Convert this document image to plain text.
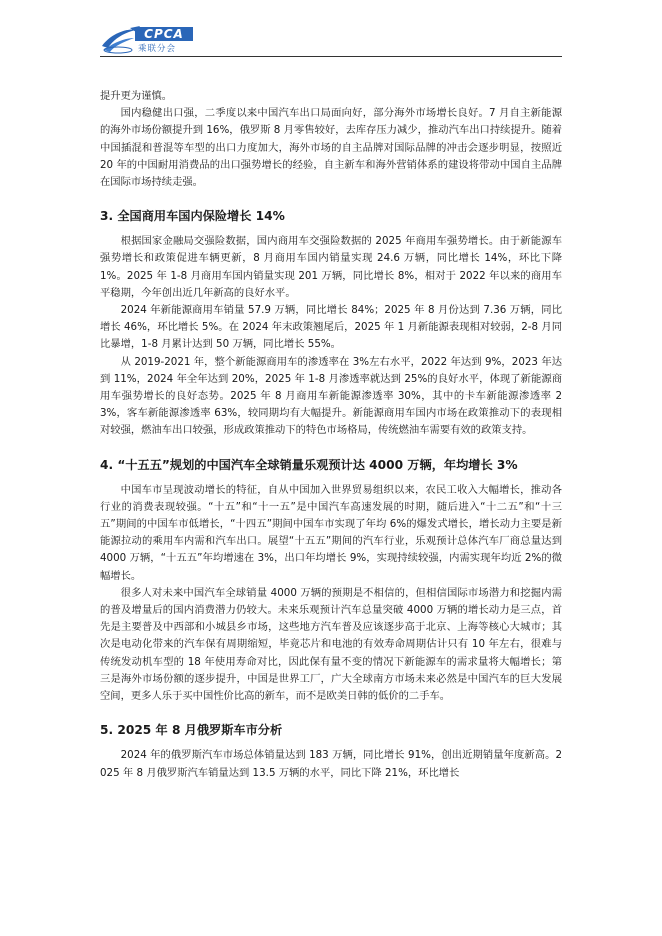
CPCA
乘联分会

提升更为谨慎。

国内稳健出口强，二季度以来中国汽车出口局面向好，部分海外市场增长良好。7 月自主新能源的海外市场份额提升到 16%，俄罗斯 8 月零售较好，去库存压力减少，推动汽车出口持续提升。随着中国插混和普混等车型的出口力度加大，海外市场的自主品牌对国际品牌的冲击会逐步明显，按照近 20 年的中国耐用消费品的出口强势增长的经验，自主新车和海外营销体系的建设将带动中国自主品牌在国际市场持续走强。

3. 全国商用车国内保险增长 14%

根据国家金融局交强险数据，国内商用车交强险数据的 2025 年商用车强势增长。由于新能源车强势增长和政策促进车辆更新，8 月商用车国内销量实现 24.6 万辆，同比增长 14%，环比下降 1%。2025 年 1-8 月商用车国内销量实现 201 万辆，同比增长 8%，相对于 2022 年以来的商用车平稳期，今年创出近几年新高的良好水平。

2024 年新能源商用车销量 57.9 万辆，同比增长 84%；2025 年 8 月份达到 7.36 万辆，同比增长 46%，环比增长 5%。在 2024 年末政策翘尾后，2025 年 1 月新能源表现相对较弱，2-8 月同比暴增，1-8 月累计达到 50 万辆，同比增长 55%。

从 2019-2021 年，整个新能源商用车的渗透率在 3%左右水平，2022 年达到 9%，2023 年达到 11%，2024 年全年达到 20%，2025 年 1-8 月渗透率就达到 25%的良好水平，体现了新能源商用车强势增长的良好态势。2025 年 8 月商用车新能源渗透率 30%，其中的卡车新能源渗透率 23%，客车新能源渗透率 63%，较同期均有大幅提升。新能源商用车国内市场在政策推动下的表现相对较强，燃油车出口较强，形成政策推动下的特色市场格局，传统燃油车需要有效的政策支持。

4. “十五五”规划的中国汽车全球销量乐观预计达 4000 万辆，年均增长 3%

中国车市呈现波动增长的特征，自从中国加入世界贸易组织以来，农民工收入大幅增长，推动各行业的消费表现较强。“十五”和“十一五”是中国汽车高速发展的时期，随后进入“十二五”和“十三五”期间的中国车市低增长，“十四五”期间中国车市实现了年均 6%的爆发式增长，增长动力主要是新能源拉动的乘用车内需和汽车出口。展望“十五五”期间的汽车行业，乐观预计总体汽车厂商总量达到 4000 万辆，“十五五”年均增速在 3%，出口年均增长 9%，实现持续较强，内需实现年均近 2%的微幅增长。

很多人对未来中国汽车全球销量 4000 万辆的预期是不相信的，但相信国际市场潜力和挖掘内需的普及增量后的国内消费潜力仍较大。未来乐观预计汽车总量突破 4000 万辆的增长动力是三点，首先是主要普及中西部和小城县乡市场，这些地方汽车普及应该逐步高于北京、上海等核心大城市；其次是电动化带来的汽车保有周期缩短，毕竟芯片和电池的有效寿命周期估计只有 10 年左右，很难与传统发动机车型的 18 年使用寿命对比，因此保有量不变的情况下新能源车的需求量将大幅增长；第三是海外市场份额的逐步提升，中国是世界工厂，广大全球南方市场未来必然是中国汽车的巨大发展空间，更多人乐于买中国性价比高的新车，而不是欧美日韩的低价的二手车。

5. 2025 年 8 月俄罗斯车市分析

2024 年的俄罗斯汽车市场总体销量达到 183 万辆，同比增长 91%，创出近期销量年度新高。2025 年 8 月俄罗斯汽车销量达到 13.5 万辆的水平，同比下降 21%，环比增长
